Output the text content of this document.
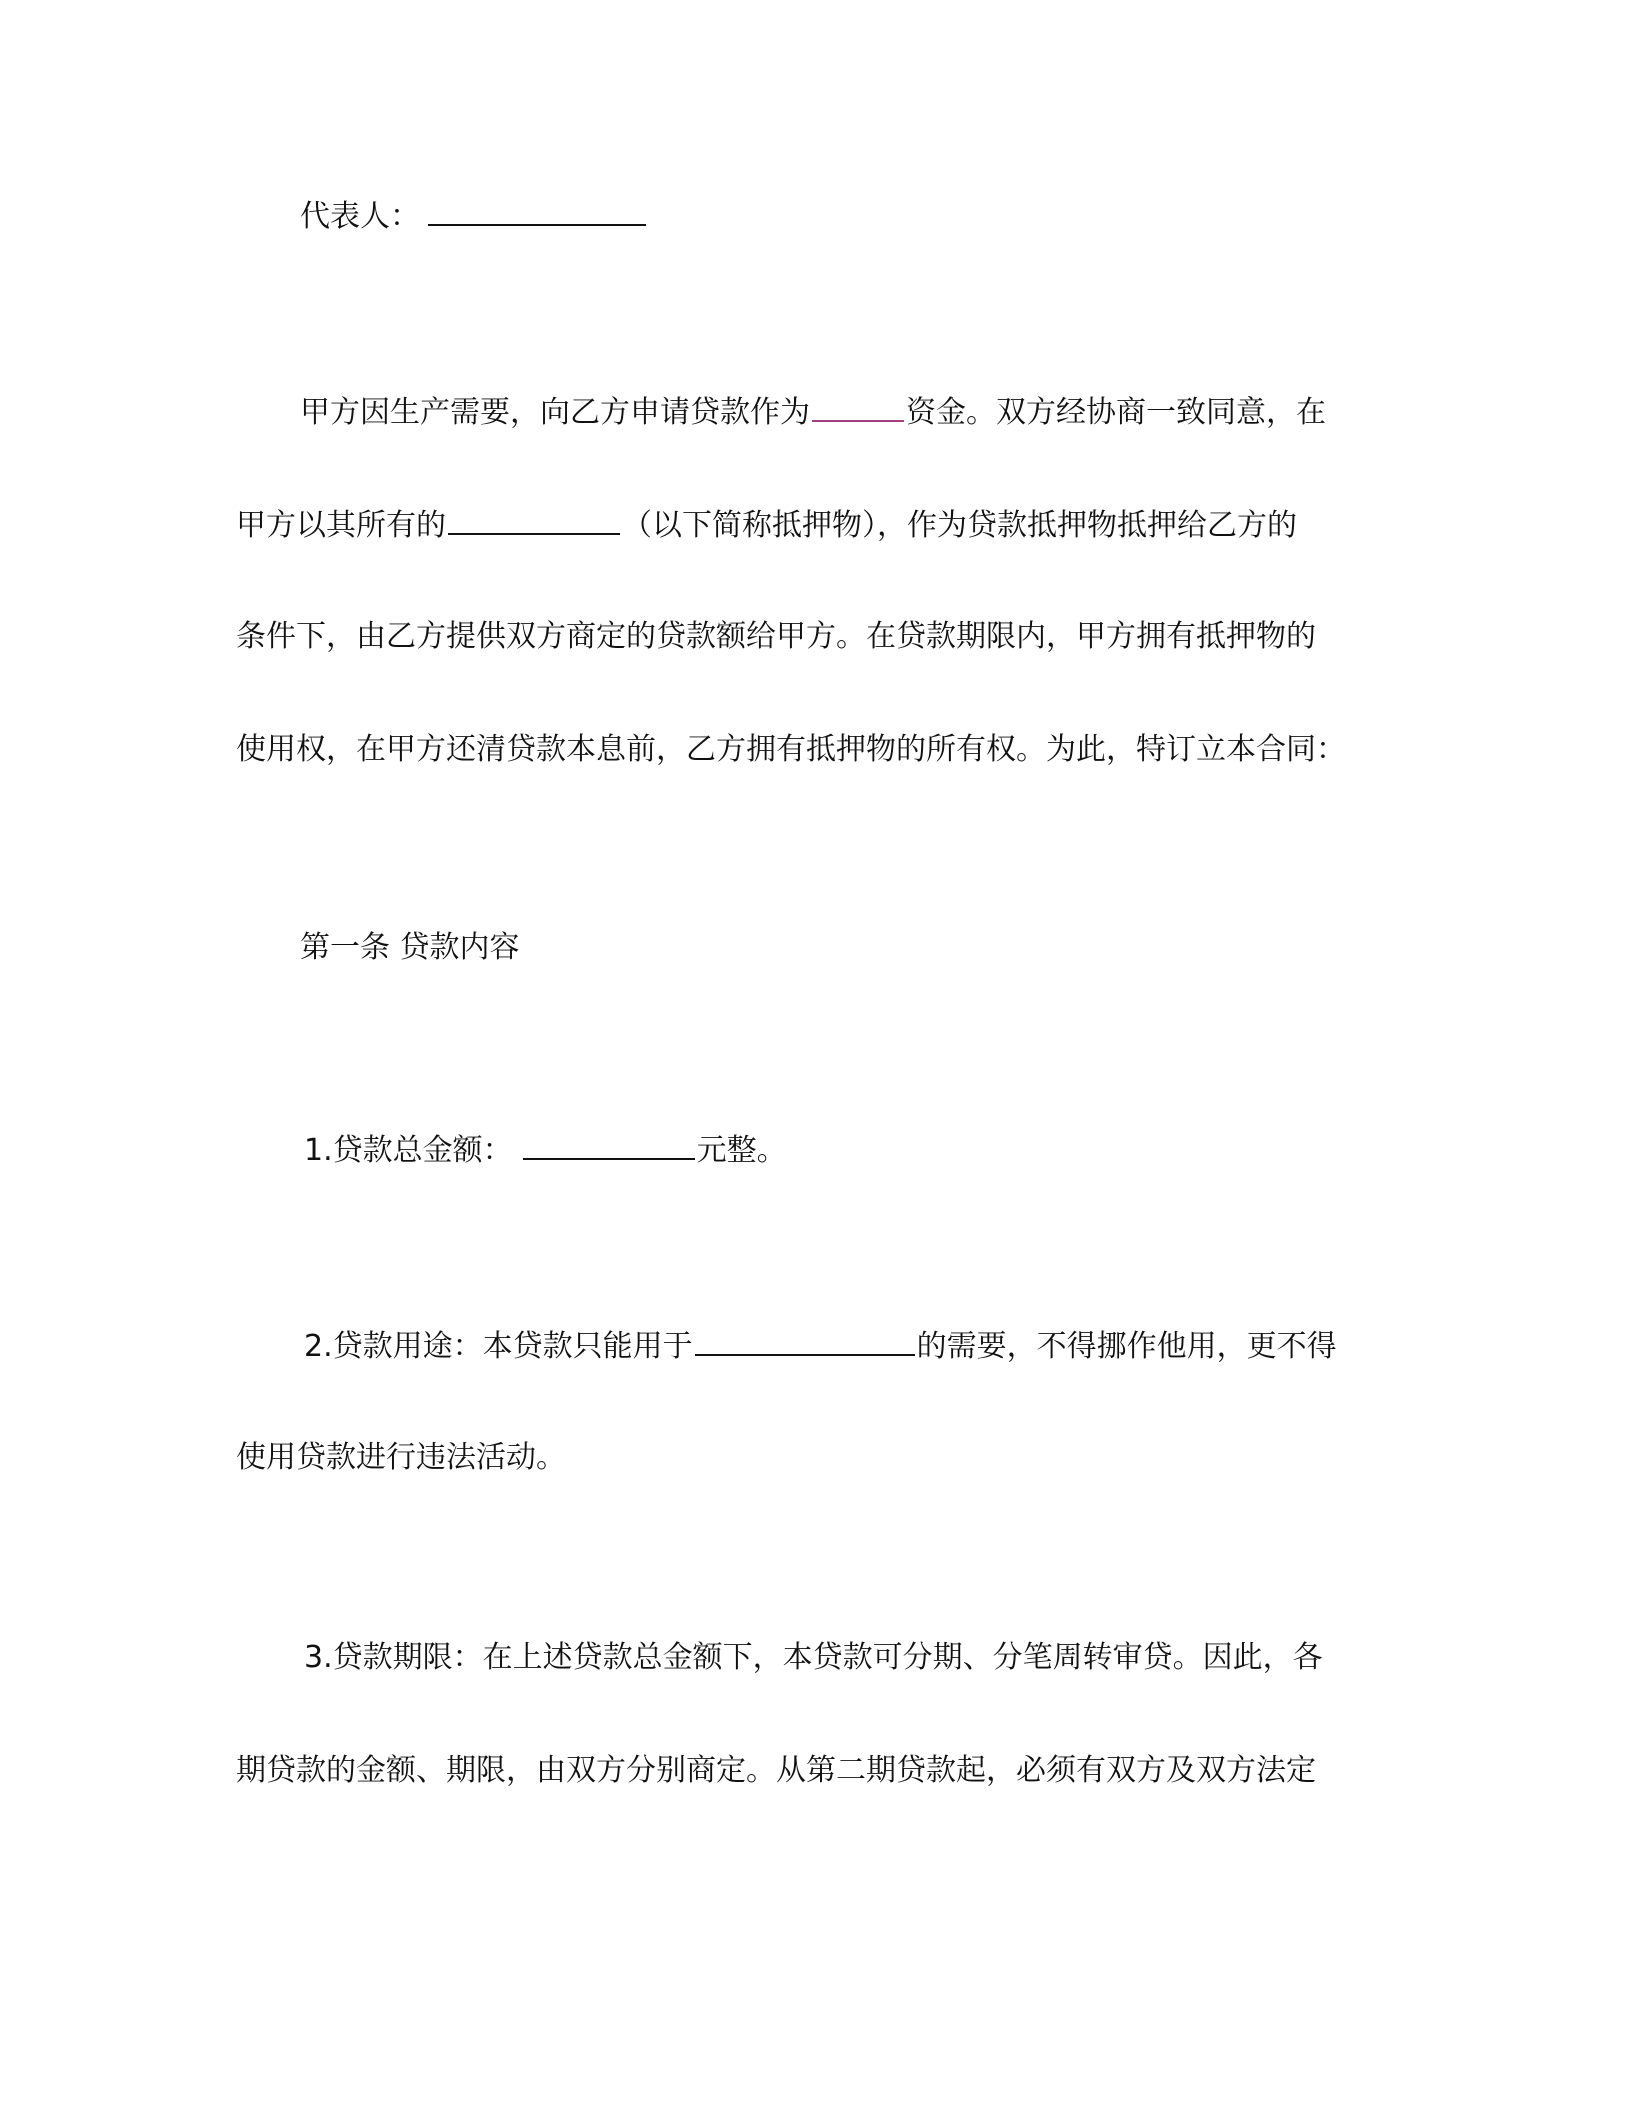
代表人：
甲方因生产需要，向乙方申请贷款作为	资金。双方经协商一致同意，在
甲方以其所有的	（以下简称抵押物），作为贷款抵押物抵押给乙方的
条件下，由乙方提供双方商定的贷款额给甲方。在贷款期限内，甲方拥有抵押物的
使用权，在甲方还清贷款本息前，乙方拥有抵押物的所有权。为此，特订立本合同：
第一条 贷款内容
1.贷款总金额：	元整。
2.贷款用途：本贷款只能用于	的需要，不得挪作他用，更不得
使用贷款进行违法活动。
3.贷款期限：在上述贷款总金额下，本贷款可分期、分笔周转审贷。因此，各
期贷款的金额、期限，由双方分别商定。从第二期贷款起，必须有双方及双方法定
